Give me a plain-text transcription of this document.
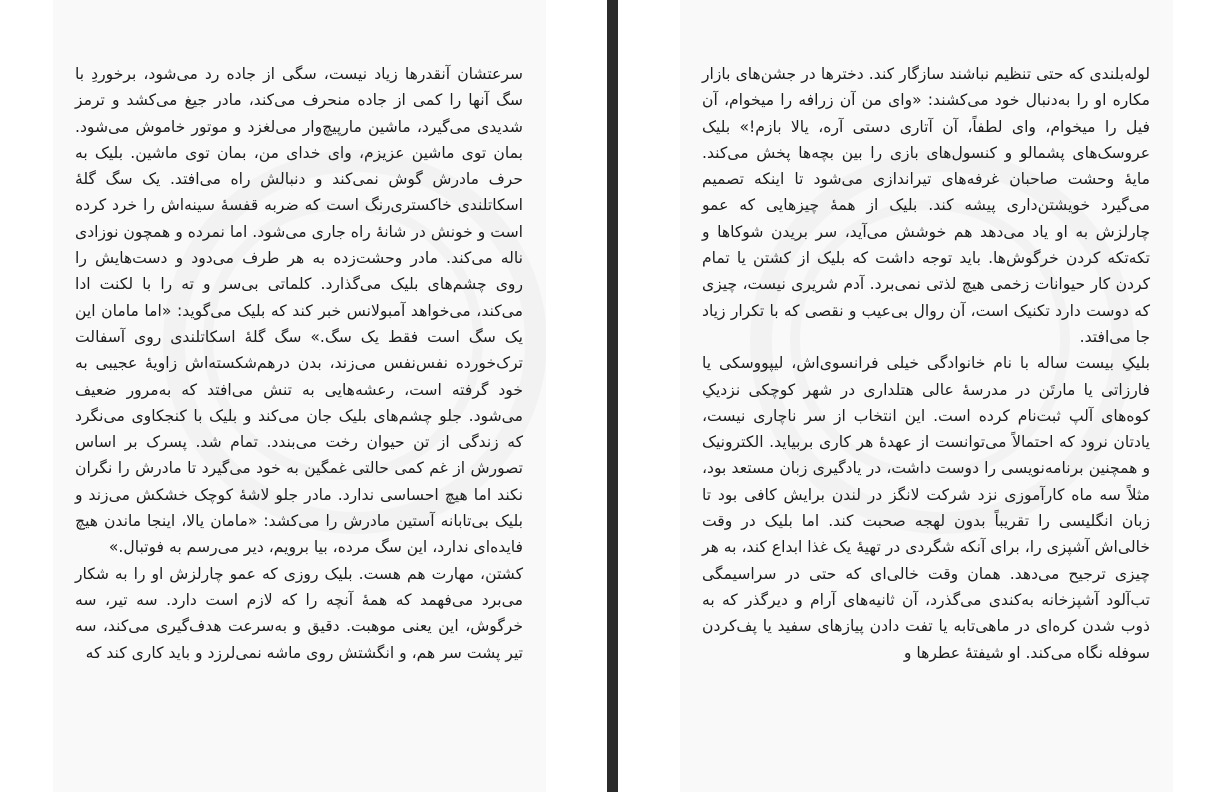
سرعتشان آنقدرها زیاد نیست، سگی از جاده رد می‌شود، برخوردِ با سگ آنها را کمی از جاده منحرف می‌کند، مادر جیغ می‌کشد و ترمز شدیدی می‌گیرد، ماشین مارپیچ‌وار می‌لغزد و موتور خاموش می‌شود. بمان توی ماشین عزیزم، وای خدای من، بمان توی ماشین. بلیک به حرف مادرش گوش نمی‌کند و دنبالش راه می‌افتد. یک سگ گلهٔ اسکاتلندی خاکستری‌رنگ است که ضربه قفسهٔ سینه‌اش را خرد کرده است و خونش در شانهٔ راه جاری می‌شود. اما نمرده و همچون نوزادی ناله می‌کند. مادر وحشت‌زده به هر طرف می‌دود و دست‌هایش را روی چشم‌های بلیک می‌گذارد. کلماتی بی‌سر و ته را با لکنت ادا می‌کند، می‌خواهد آمبولانس خبر کند که بلیک می‌گوید: «اما مامان این یک سگ است فقط یک سگ.» سگ گلهٔ اسکاتلندی روی آسفالت ترک‌خورده نفس‌نفس می‌زند، بدن درهم‌شکسته‌اش زاویهٔ عجیبی به خود گرفته است، رعشه‌هایی به تنش می‌افتد که به‌مرور ضعیف می‌شود. جلو چشم‌های بلیک جان می‌کند و بلیک با کنجکاوی می‌نگرد که زندگی از تن حیوان رخت می‌بندد. تمام شد. پسرک بر اساس تصورش از غم کمی حالتی غمگین به خود می‌گیرد تا مادرش را نگران نکند اما هیچ احساسی ندارد. مادر جلو لاشهٔ کوچک خشکش می‌زند و بلیک بی‌تابانه آستین مادرش را می‌کشد: «مامان یالا، اینجا ماندن هیچ فایده‌ای ندارد، این سگ مرده، بیا برویم، دیر می‌رسم به فوتبال.»

کشتن، مهارت هم هست. بلیک روزی که عمو چارلزش او را به شکار می‌برد می‌فهمد که همهٔ آنچه را که لازم است دارد. سه تیر، سه خرگوش، این یعنی موهبت. دقیق و به‌سرعت هدف‌گیری می‌کند، سه تیر پشت سر هم، و انگشتش روی ماشه نمی‌لرزد و باید کاری کند که

لوله‌بلندی که حتی تنظیم نباشند سازگار کند. دخترها در جشن‌های بازار مکاره او را به‌دنبال خود می‌کشند: «وای من آن زرافه را میخوام، آن فیل را میخوام، وای لطفاً، آن آتاری دستی آره، یالا بازم!» بلیک عروسک‌های پشمالو و کنسول‌های بازی را بین بچه‌ها پخش می‌کند. مایهٔ وحشت صاحبان غرفه‌های تیراندازی می‌شود تا اینکه تصمیم می‌گیرد خویشتن‌داری پیشه کند. بلیک از همهٔ چیزهایی که عمو چارلزش به او یاد می‌دهد هم خوشش می‌آید، سر بریدن شوکاها و تکه‌تکه کردن خرگوش‌ها. باید توجه داشت که بلیک از کشتن یا تمام کردن کار حیوانات زخمی هیچ لذتی نمی‌برد. آدم شریری نیست، چیزی که دوست دارد تکنیک است، آن روال بی‌عیب و نقصی که با تکرار زیاد جا می‌افتد.

بلیکِ بیست ساله با نام خانوادگی خیلی فرانسوی‌اش، لیپووسکی یا فارزاتی یا مارتَن در مدرسهٔ عالی هتلداری در شهر کوچکی نزدیکِ کوه‌های آلپ ثبت‌نام کرده است. این انتخاب از سر ناچاری نیست، یادتان نرود که احتمالاً می‌توانست از عهدهٔ هر کاری بربیاید. الکترونیک و همچنین برنامه‌نویسی را دوست داشت، در یادگیری زبان مستعد بود، مثلاً سه ماه کارآموزی نزد شرکت لانگز در لندن برایش کافی بود تا زبان انگلیسی را تقریباً بدون لهجه صحبت کند. اما بلیک در وقت خالی‌اش آشپزی را، برای آنکه شگردی در تهیهٔ یک غذا ابداع کند، به هر چیزی ترجیح می‌دهد. همان وقت خالی‌ای که حتی در سراسیمگی تب‌آلود آشپزخانه به‌کندی می‌گذرد، آن ثانیه‌های آرام و دیرگذر که به ذوب شدن کره‌ای در ماهی‌تابه یا تفت دادن پیازهای سفید یا پف‌کردن سوفله نگاه می‌کند. او شیفتهٔ عطرها و
